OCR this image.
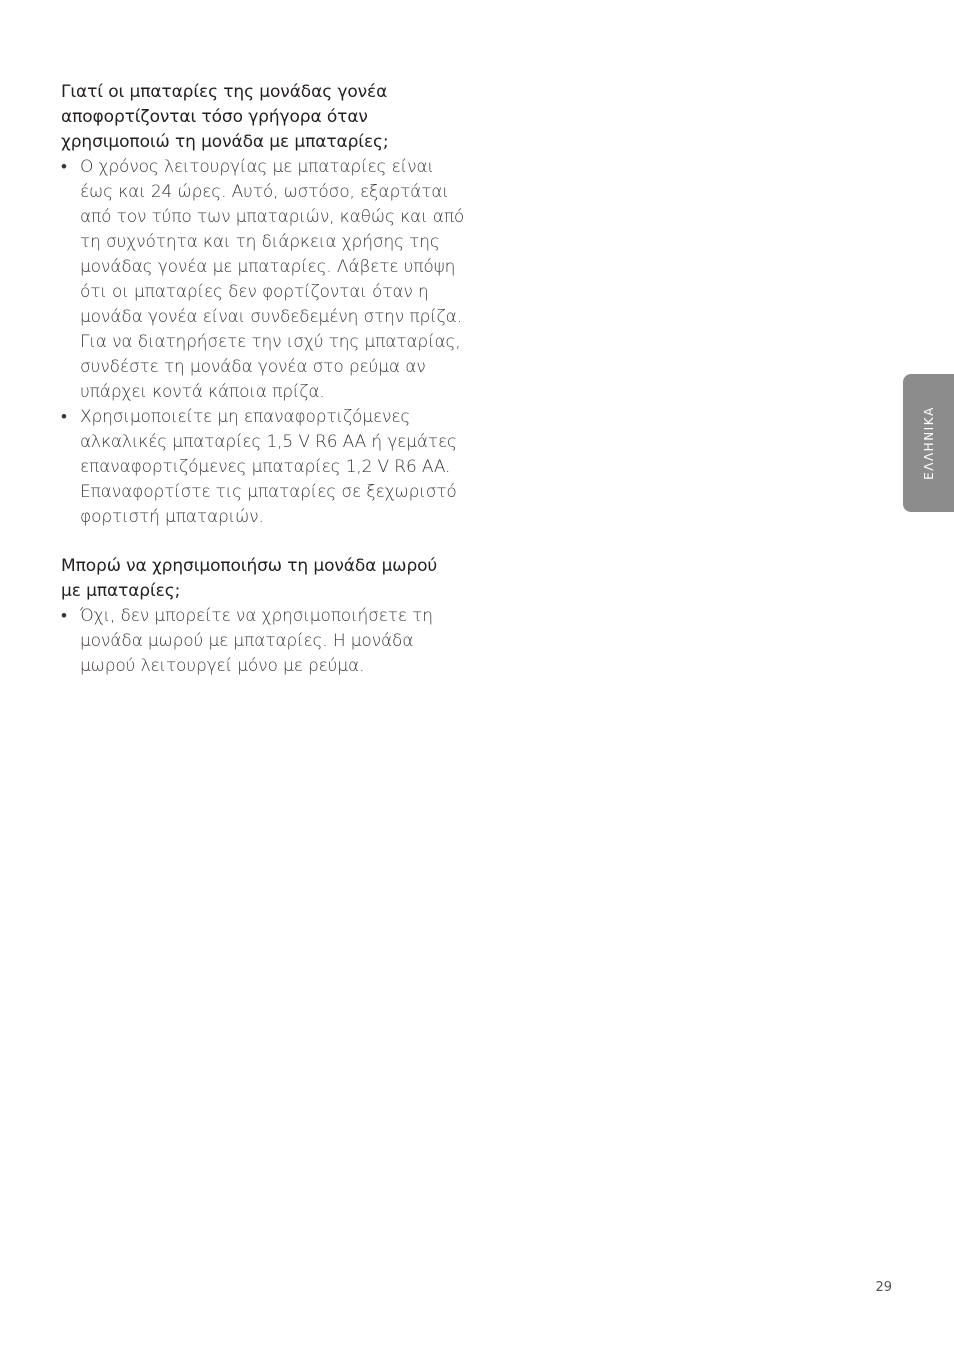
Γιατί οι μπαταρίες της μονάδας γονέα
αποφορτίζονται τόσο γρήγορα όταν
χρησιμοποιώ τη μονάδα με μπαταρίες;
• Ο χρόνος λειτουργίας με μπαταρίες είναι
έως και 24 ώρες. Αυτό, ωστόσο, εξαρτάται
από τον τύπο των μπαταριών, καθώς και από
τη συχνότητα και τη διάρκεια χρήσης της
μονάδας γονέα με μπαταρίες. Λάβετε υπόψη
ότι οι μπαταρίες δεν φορτίζονται όταν η
μονάδα γονέα είναι συνδεδεμένη στην πρίζα.
Για να διατηρήσετε την ισχύ της μπαταρίας,
συνδέστε τη μονάδα γονέα στο ρεύμα αν
υπάρχει κοντά κάποια πρίζα.
• Χρησιμοποιείτε μη επαναφορτιζόμενες
αλκαλικές μπαταρίες 1,5 V R6 AA ή γεμάτες
επαναφορτιζόμενες μπαταρίες 1,2 V R6 AA.
Επαναφορτίστε τις μπαταρίες σε ξεχωριστό
φορτιστή μπαταριών.
Μπορώ να χρησιμοποιήσω τη μονάδα μωρού
με μπαταρίες;
• Όχι, δεν μπορείτε να χρησιμοποιήσετε τη
μονάδα μωρού με μπαταρίες. Η μονάδα
μωρού λειτουργεί μόνο με ρεύμα.
ΕΛΛΗΝΙΚΑ
29
